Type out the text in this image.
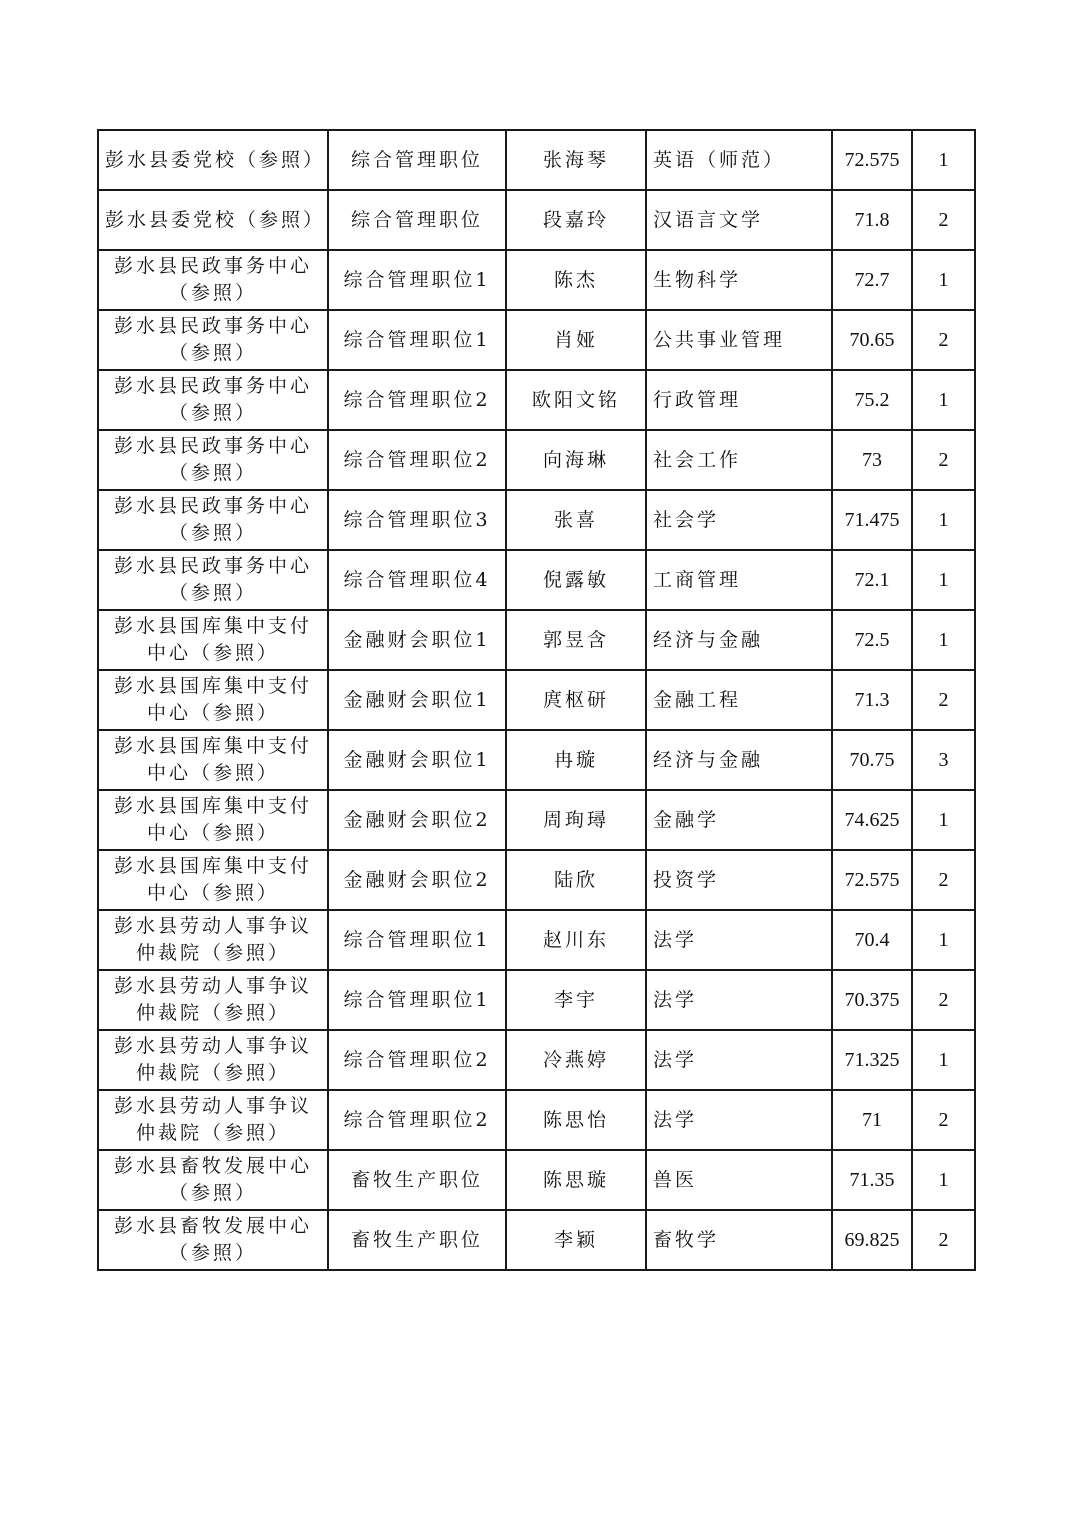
彭水县委党校（参照）	综合管理职位	张海琴	英语（师范）	72.575	1
彭水县委党校（参照）	综合管理职位	段嘉玲	汉语言文学	71.8	2
彭水县民政事务中心（参照）	综合管理职位1	陈杰	生物科学	72.7	1
彭水县民政事务中心（参照）	综合管理职位1	肖娅	公共事业管理	70.65	2
彭水县民政事务中心（参照）	综合管理职位2	欧阳文铭	行政管理	75.2	1
彭水县民政事务中心（参照）	综合管理职位2	向海琳	社会工作	73	2
彭水县民政事务中心（参照）	综合管理职位3	张喜	社会学	71.475	1
彭水县民政事务中心（参照）	综合管理职位4	倪露敏	工商管理	72.1	1
彭水县国库集中支付中心（参照）	金融财会职位1	郭昱含	经济与金融	72.5	1
彭水县国库集中支付中心（参照）	金融财会职位1	庹枢研	金融工程	71.3	2
彭水县国库集中支付中心（参照）	金融财会职位1	冉璇	经济与金融	70.75	3
彭水县国库集中支付中心（参照）	金融财会职位2	周珣璕	金融学	74.625	1
彭水县国库集中支付中心（参照）	金融财会职位2	陆欣	投资学	72.575	2
彭水县劳动人事争议仲裁院（参照）	综合管理职位1	赵川东	法学	70.4	1
彭水县劳动人事争议仲裁院（参照）	综合管理职位1	李宇	法学	70.375	2
彭水县劳动人事争议仲裁院（参照）	综合管理职位2	冷燕婷	法学	71.325	1
彭水县劳动人事争议仲裁院（参照）	综合管理职位2	陈思怡	法学	71	2
彭水县畜牧发展中心（参照）	畜牧生产职位	陈思璇	兽医	71.35	1
彭水县畜牧发展中心（参照）	畜牧生产职位	李颖	畜牧学	69.825	2
